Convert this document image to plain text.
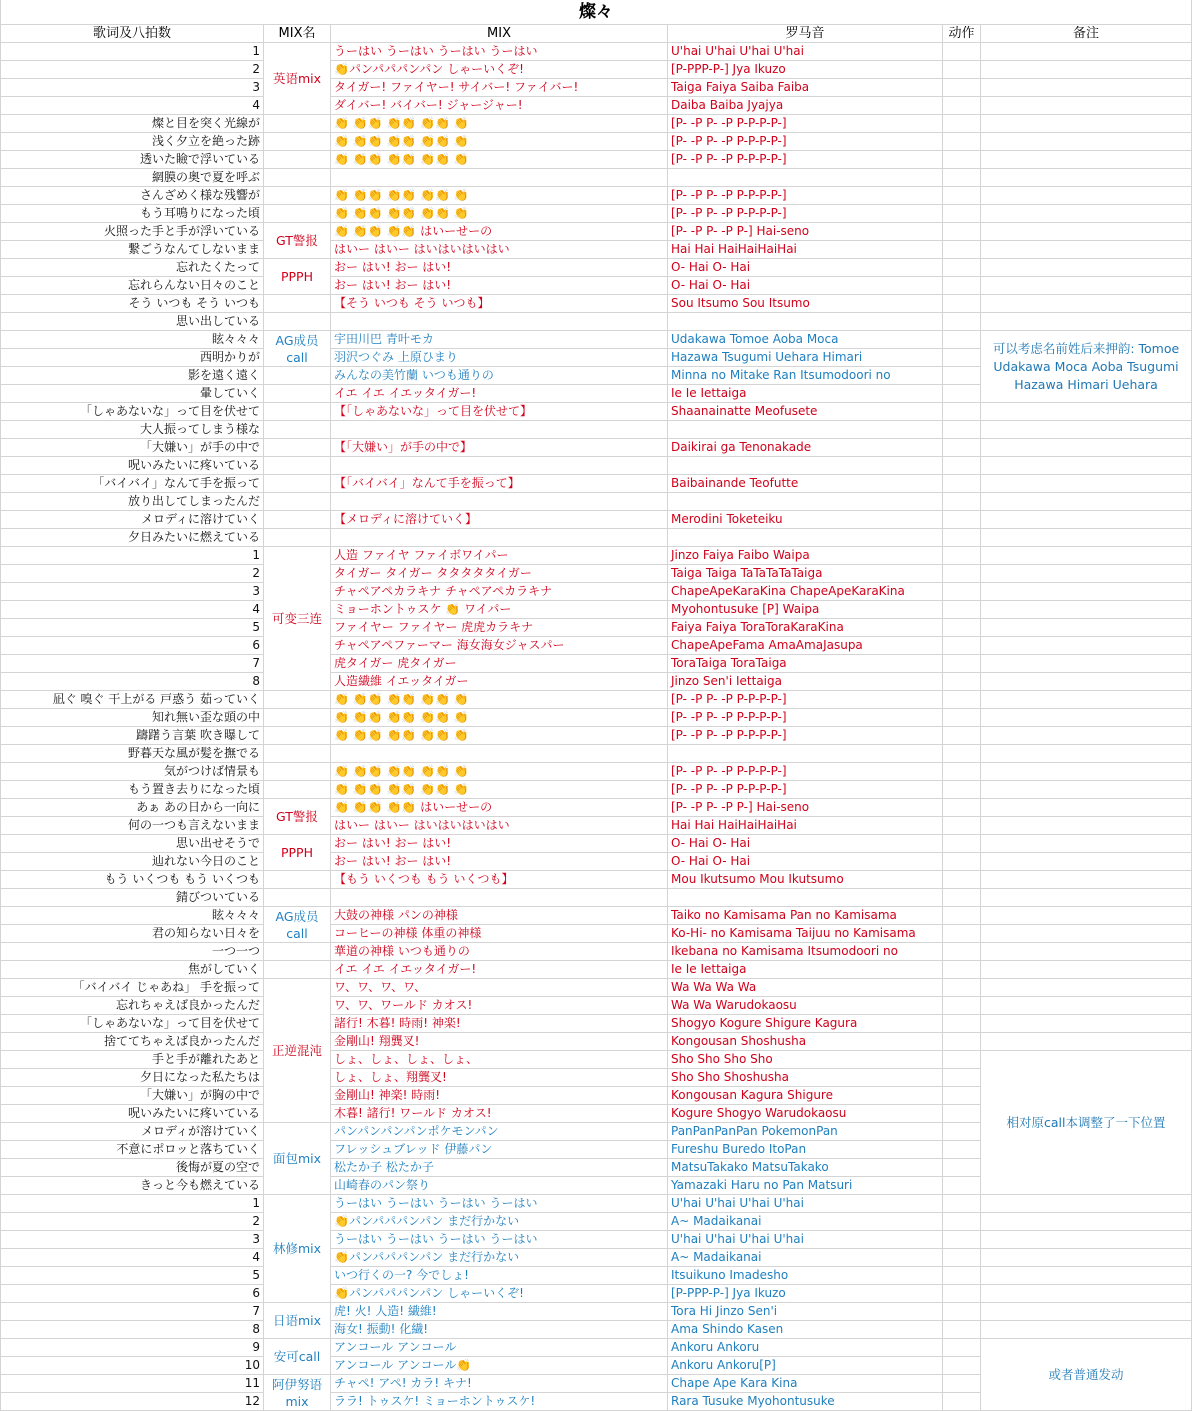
燦々					
歌词及八拍数	MIX名	MIX	罗马音	动作	备注
1	英语mix	うーはい うーはい うーはい うーはい	U'hai U'hai U'hai U'hai		
2		👏パンパパパンパン しゃーいくぞ!	[P-PPP-P-] Jya Ikuzo		
3		タイガー! ファイヤー! サイバー! ファイバー!	Taiga Faiya Saiba Faiba		
4		ダイバー! バイバー! ジャージャー!	Daiba Baiba Jyajya		
燦と目を突く光線が		👏 👏👏 👏👏 👏👏 👏	[P- -P P- -P P-P-P-P-]		
浅く夕立を絶った跡		👏 👏👏 👏👏 👏👏 👏	[P- -P P- -P P-P-P-P-]		
透いた瞼で浮いている		👏 👏👏 👏👏 👏👏 👏	[P- -P P- -P P-P-P-P-]		
網膜の奥で夏を呼ぶ					
さんざめく様な残響が		👏 👏👏 👏👏 👏👏 👏	[P- -P P- -P P-P-P-P-]		
もう耳鳴りになった頃		👏 👏👏 👏👏 👏👏 👏	[P- -P P- -P P-P-P-P-]		
火照った手と手が浮いている	GT警报	👏 👏👏 👏👏 はいーせーの	[P- -P P- -P P-] Hai-seno		
繋ごうなんてしないまま		はいー はいー はいはいはいはい	Hai Hai HaiHaiHaiHai		
忘れたくたって	PPPH	おー はい! おー はい!	O- Hai O- Hai		
忘れらんない日々のこと		おー はい! おー はい!	O- Hai O- Hai		
そう いつも そう いつも		【そう いつも そう いつも】	Sou Itsumo Sou Itsumo		
思い出している					
眩々々々	AG成员call	宇田川巴 青叶モカ	Udakawa Tomoe Aoba Moca		可以考虑名前姓后来押韵: Tomoe Udakawa Moca Aoba Tsugumi Hazawa Himari Uehara
西明かりが		羽沢つぐみ 上原ひまり	Hazawa Tsugumi Uehara Himari		
影を遠く遠く		みんなの美竹蘭 いつも通りの	Minna no Mitake Ran Itsumodoori no		
暈していく		イエ イエ イエッタイガー!	Ie Ie Iettaiga		
「しゃあないな」って目を伏せて		【「しゃあないな」って目を伏せて】	Shaanainatte Meofusete		
大人振ってしまう様な					
「大嫌い」が手の中で		【「大嫌い」が手の中で】	Daikirai ga Tenonakade		
呪いみたいに疼いている					
「バイバイ」なんて手を振って		【「バイバイ」なんて手を振って】	Baibainande Teofutte		
放り出してしまったんだ					
メロディに溶けていく		【メロディに溶けていく】	Merodini Toketeiku		
夕日みたいに燃えている					
1	可变三连	人造 ファイヤ ファイボワイパー	Jinzo Faiya Faibo Waipa		
2		タイガー タイガー タタタタタイガー	Taiga Taiga TaTaTaTaTaiga		
3		チャペアペカラキナ チャペアペカラキナ	ChapeApeKaraKina ChapeApeKaraKina		
4		ミョーホントゥスケ 👏 ワイパー	Myohontusuke [P] Waipa		
5		ファイヤー ファイヤー 虎虎カラキナ	Faiya Faiya ToraToraKaraKina		
6		チャペアペファーマー 海女海女ジャスパー	ChapeApeFama AmaAmaJasupa		
7		虎タイガー 虎タイガー	ToraTaiga ToraTaiga		
8		人造繊維 イエッタイガー	Jinzo Sen'i Iettaiga		
凪ぐ 嗅ぐ 干上がる 戸惑う 茹っていく		👏 👏👏 👏👏 👏👏 👏	[P- -P P- -P P-P-P-P-]		
知れ無い歪な頭の中		👏 👏👏 👏👏 👏👏 👏	[P- -P P- -P P-P-P-P-]		
躊躇う言葉 吹き曝して		👏 👏👏 👏👏 👏👏 👏	[P- -P P- -P P-P-P-P-]		
野暮天な風が髪を撫でる					
気がつけば情景も		👏 👏👏 👏👏 👏👏 👏	[P- -P P- -P P-P-P-P-]		
もう置き去りになった頃		👏 👏👏 👏👏 👏👏 👏	[P- -P P- -P P-P-P-P-]		
あぁ あの日から一向に	GT警报	👏 👏👏 👏👏 はいーせーの	[P- -P P- -P P-] Hai-seno		
何の一つも言えないまま		はいー はいー はいはいはいはい	Hai Hai HaiHaiHaiHai		
思い出せそうで	PPPH	おー はい! おー はい!	O- Hai O- Hai		
辿れない今日のこと		おー はい! おー はい!	O- Hai O- Hai		
もう いくつも もう いくつも		【もう いくつも もう いくつも】	Mou Ikutsumo Mou Ikutsumo		
錆びついている					
眩々々々	AG成员call	大鼓の神様 パンの神様	Taiko no Kamisama Pan no Kamisama		
君の知らない日々を		コーヒーの神様 体重の神様	Ko-Hi- no Kamisama Taijuu no Kamisama		
一つ一つ		華道の神様 いつも通りの	Ikebana no Kamisama Itsumodoori no		
焦がしていく		イエ イエ イエッタイガー!	Ie Ie Iettaiga		
「バイバイ じゃあね」 手を振って	正逆混沌	ワ、ワ、ワ、ワ、	Wa Wa Wa Wa		
忘れちゃえば良かったんだ		ワ、ワ、ワールド カオス!	Wa Wa Warudokaosu		
「しゃあないな」って目を伏せて		諸行! 木暮! 時雨! 神楽!	Shogyo Kogure Shigure Kagura		
捨ててちゃえば良かったんだ		金剛山! 翔龔叉!	Kongousan Shoshusha		
手と手が離れたあと		しょ、しょ、しょ、しょ、	Sho Sho Sho Sho		相对原call本调整了一下位置
夕日になった私たちは		しょ、しょ、翔龔叉!	Sho Sho Shoshusha		
「大嫌い」が胸の中で		金剛山! 神楽! 時雨!	Kongousan Kagura Shigure		
呪いみたいに疼いている		木暮! 諸行! ワールド カオス!	Kogure Shogyo Warudokaosu		
メロディが溶けていく	面包mix	パンパンパンパンポケモンパン	PanPanPanPan PokemonPan		
不意にポロッと落ちていく		フレッシュブレッド 伊藤パン	Fureshu Buredo ItoPan		
後悔が夏の空で		松たか子 松たか子	MatsuTakako MatsuTakako		
きっと今も燃えている		山崎春のパン祭り	Yamazaki Haru no Pan Matsuri		
1	林修mix	うーはい うーはい うーはい うーはい	U'hai U'hai U'hai U'hai		
2		👏パンパパパンパン まだ行かない	A~ Madaikanai		
3		うーはい うーはい うーはい うーはい	U'hai U'hai U'hai U'hai		
4		👏パンパパパンパン まだ行かない	A~ Madaikanai		
5		いつ行くの一? 今でしょ!	Itsuikuno Imadesho		
6		👏パンパパパンパン しゃーいくぞ!	[P-PPP-P-] Jya Ikuzo		
7	日语mix	虎! 火! 人造! 繊維!	Tora Hi Jinzo Sen'i		
8		海女! 振動! 化繊!	Ama Shindo Kasen		
9	安可call	アンコール アンコール	Ankoru Ankoru		或者普通发动
10		アンコール アンコール👏	Ankoru Ankoru[P]		
11	阿伊努语mix	チャペ! アペ! カラ! キナ!	Chape Ape Kara Kina		
12		ララ! トゥスケ! ミョーホントゥスケ!	Rara Tusuke Myohontusuke		
